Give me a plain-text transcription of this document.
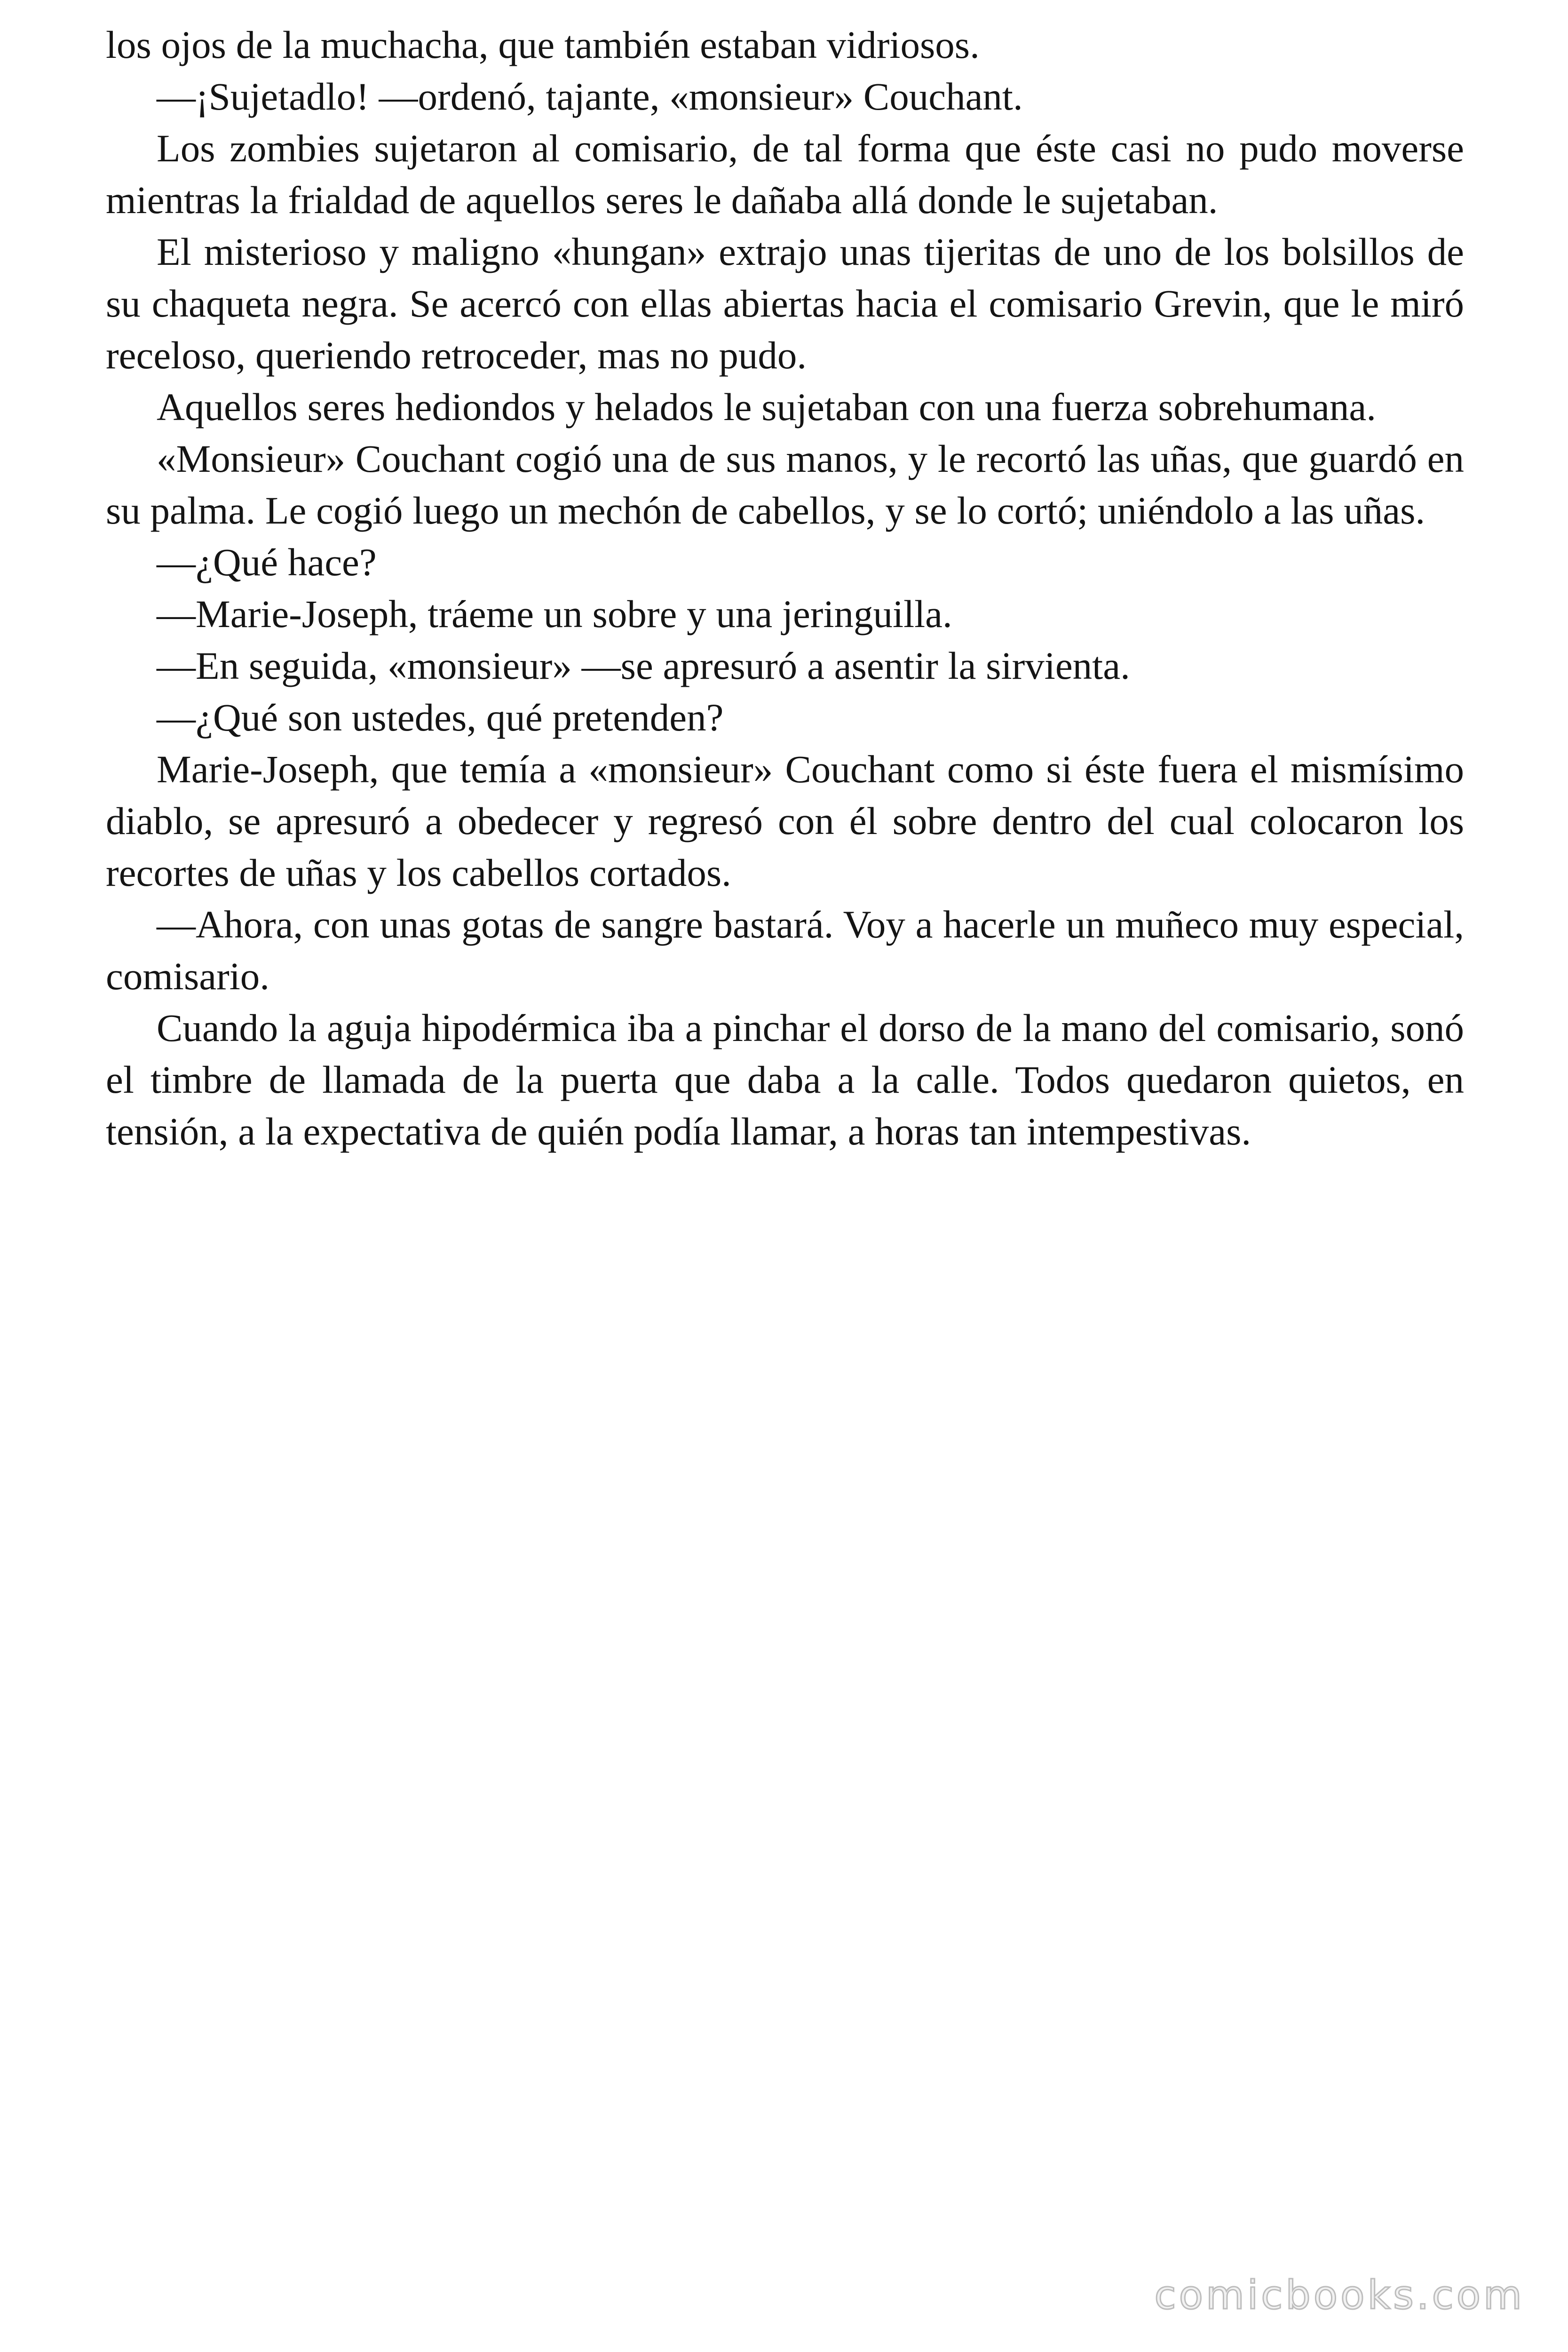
los ojos de la muchacha, que también estaban vidriosos.

—¡Sujetadlo! —ordenó, tajante, «monsieur» Couchant.

Los zombies sujetaron al comisario, de tal forma que éste casi no pudo moverse mientras la frialdad de aquellos seres le dañaba allá donde le sujetaban.

El misterioso y maligno «hungan» extrajo unas tijeritas de uno de los bolsillos de su chaqueta negra. Se acercó con ellas abiertas hacia el comisario Grevin, que le miró receloso, queriendo retroceder, mas no pudo.

Aquellos seres hediondos y helados le sujetaban con una fuerza sobrehumana.

«Monsieur» Couchant cogió una de sus manos, y le recortó las uñas, que guardó en su palma. Le cogió luego un mechón de cabellos, y se lo cortó; uniéndolo a las uñas.

—¿Qué hace?

—Marie-Joseph, tráeme un sobre y una jeringuilla.

—En seguida, «monsieur» —se apresuró a asentir la sirvienta.

—¿Qué son ustedes, qué pretenden?

Marie-Joseph, que temía a «monsieur» Couchant como si éste fuera el mismísimo diablo, se apresuró a obedecer y regresó con él sobre dentro del cual colocaron los recortes de uñas y los cabellos cortados.

—Ahora, con unas gotas de sangre bastará. Voy a hacerle un muñeco muy especial, comisario.

Cuando la aguja hipodérmica iba a pinchar el dorso de la mano del comisario, sonó el timbre de llamada de la puerta que daba a la calle. Todos quedaron quietos, en tensión, a la expectativa de quién podía llamar, a horas tan intempestivas.

comicbooks.com
